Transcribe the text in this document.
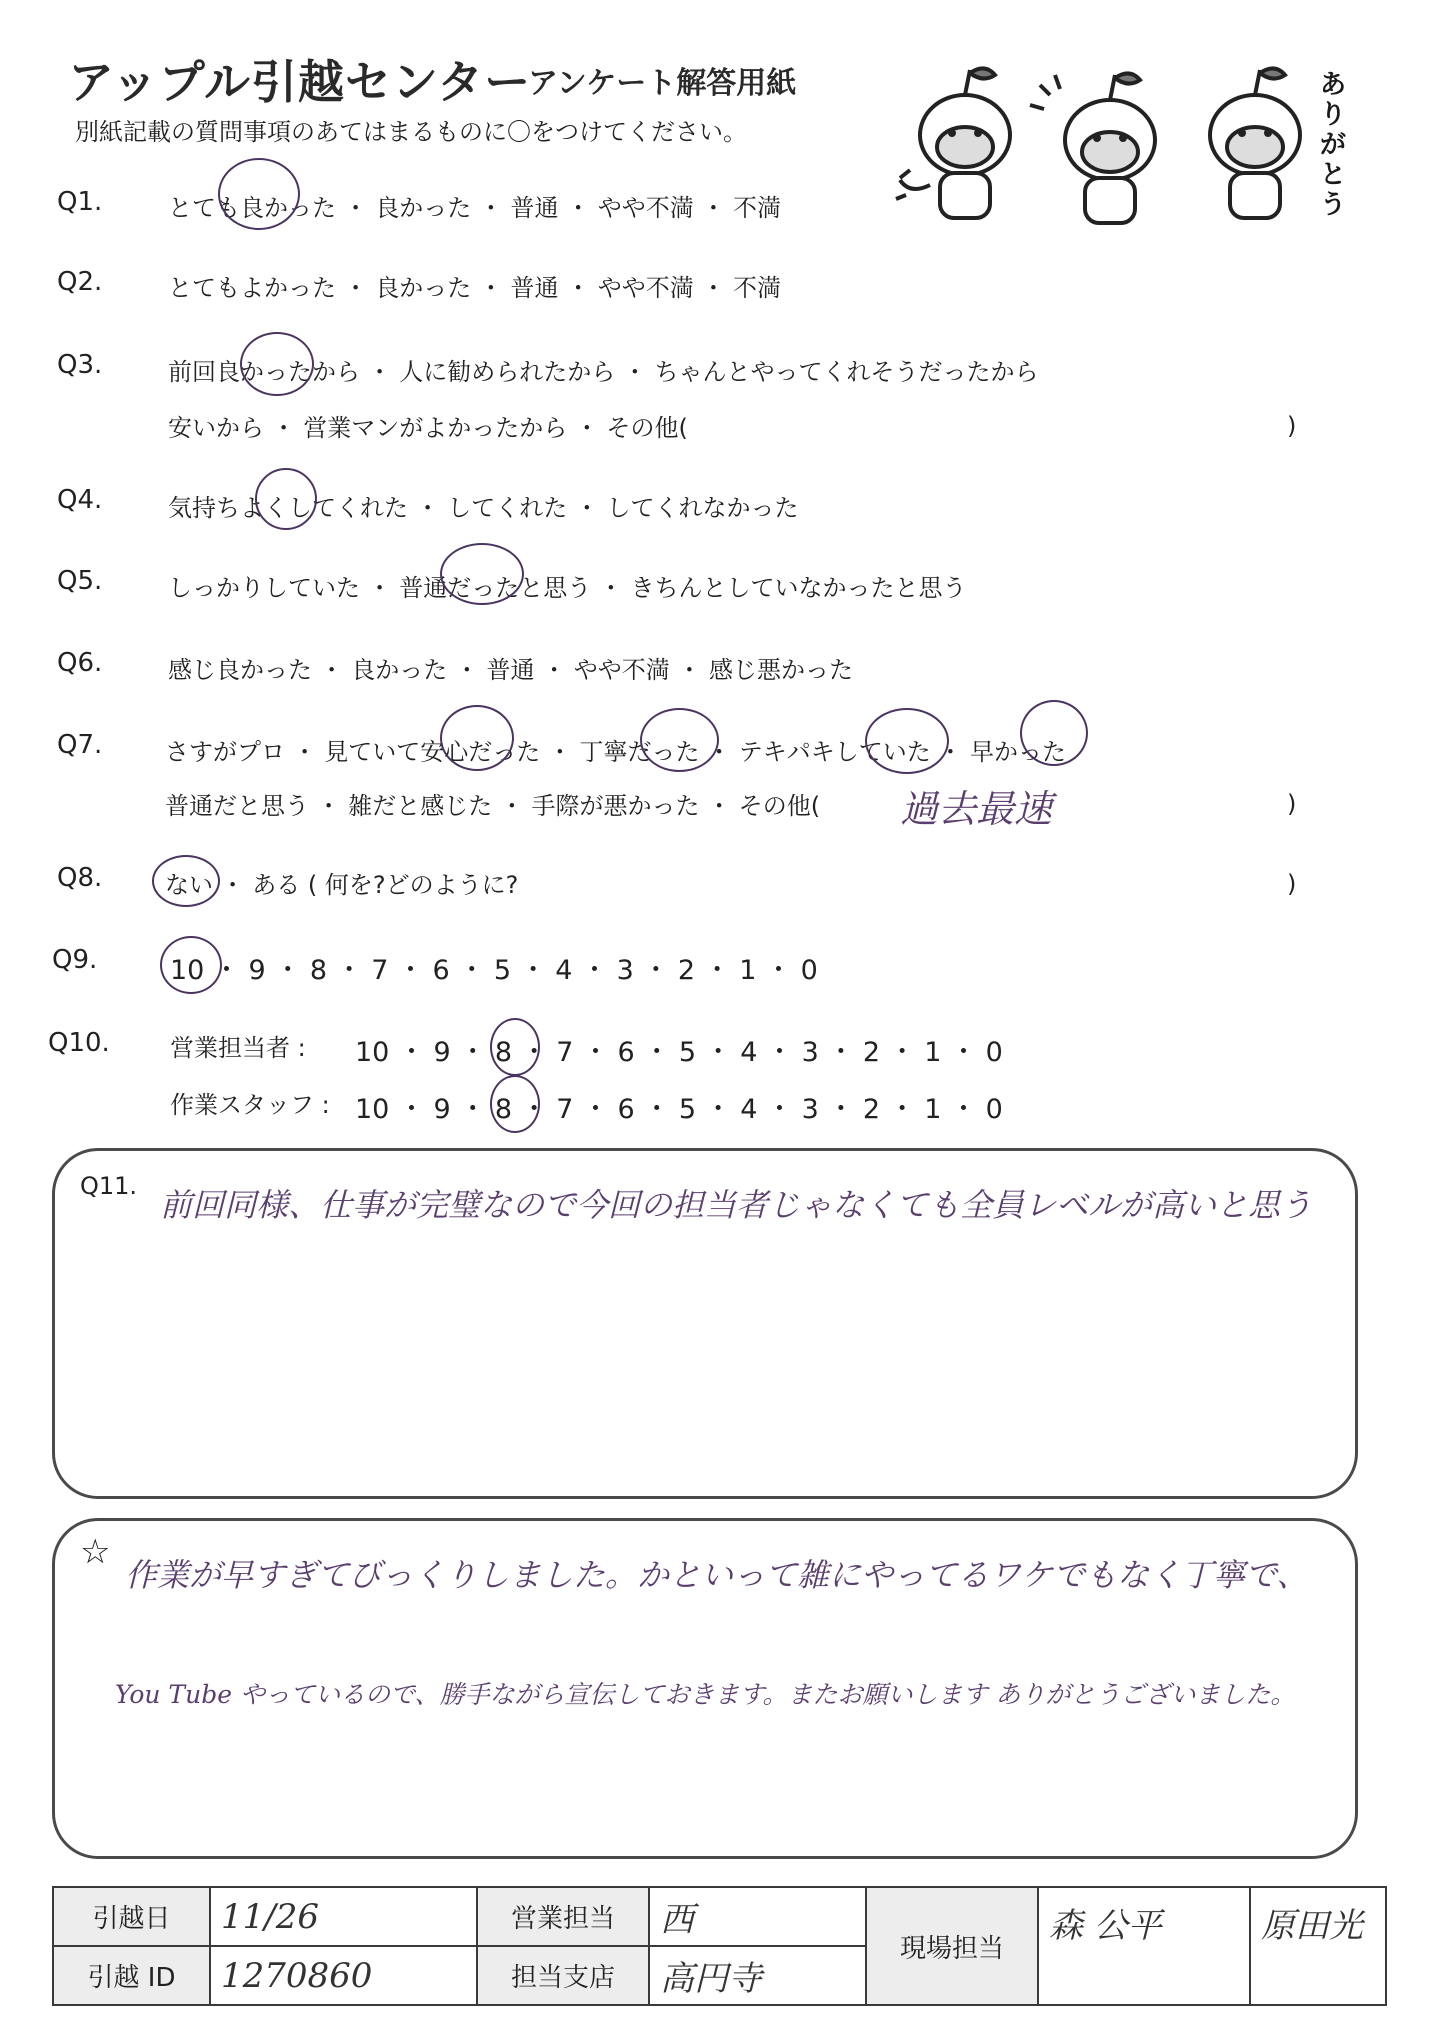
アップル引越センター
アンケート解答用紙
別紙記載の質問事項のあてはまるものに〇をつけてください。
ありがとう
Q1.	とても良かった ・ 良かった ・ 普通 ・ やや不満 ・ 不満
Q2.	とてもよかった ・ 良かった ・ 普通 ・ やや不満 ・ 不満
Q3.	前回良かったから ・ 人に勧められたから ・ ちゃんとやってくれそうだったから
安いから ・ 営業マンがよかったから ・ その他(	)
Q4.	気持ちよくしてくれた ・ してくれた ・ してくれなかった
Q5.	しっかりしていた ・ 普通だったと思う ・ きちんとしていなかったと思う
Q6.	感じ良かった ・ 良かった ・ 普通 ・ やや不満 ・ 感じ悪かった
Q7.	さすがプロ ・ 見ていて安心だった ・ 丁寧だった ・ テキパキしていた ・ 早かった
普通だと思う ・ 雑だと感じた ・ 手際が悪かった ・ その他( 過去最速	)
Q8.	ない ・ ある ( 何を?どのように?	)
Q9.	10 ・ 9 ・ 8 ・ 7 ・ 6 ・ 5 ・ 4 ・ 3 ・ 2 ・ 1 ・ 0
Q10.	営業担当者 : 10 ・ 9 ・ 8 ・ 7 ・ 6 ・ 5 ・ 4 ・ 3 ・ 2 ・ 1 ・ 0
作業スタッフ : 10 ・ 9 ・ 8 ・ 7 ・ 6 ・ 5 ・ 4 ・ 3 ・ 2 ・ 1 ・ 0
Q11. 前回同様、仕事が完璧なので今回の担当者じゃなくても全員レベルが高いと思う
☆
作業が早すぎてびっくりしました。かといって雑にやってるワケでもなく丁寧で、
You Tube やっているので、勝手ながら宣伝しておきます。またお願いします ありがとうございました。
引越日	11/26	営業担当	西	現場担当	森 公平	原田光
引越 ID	1270860	担当支店	高円寺			
